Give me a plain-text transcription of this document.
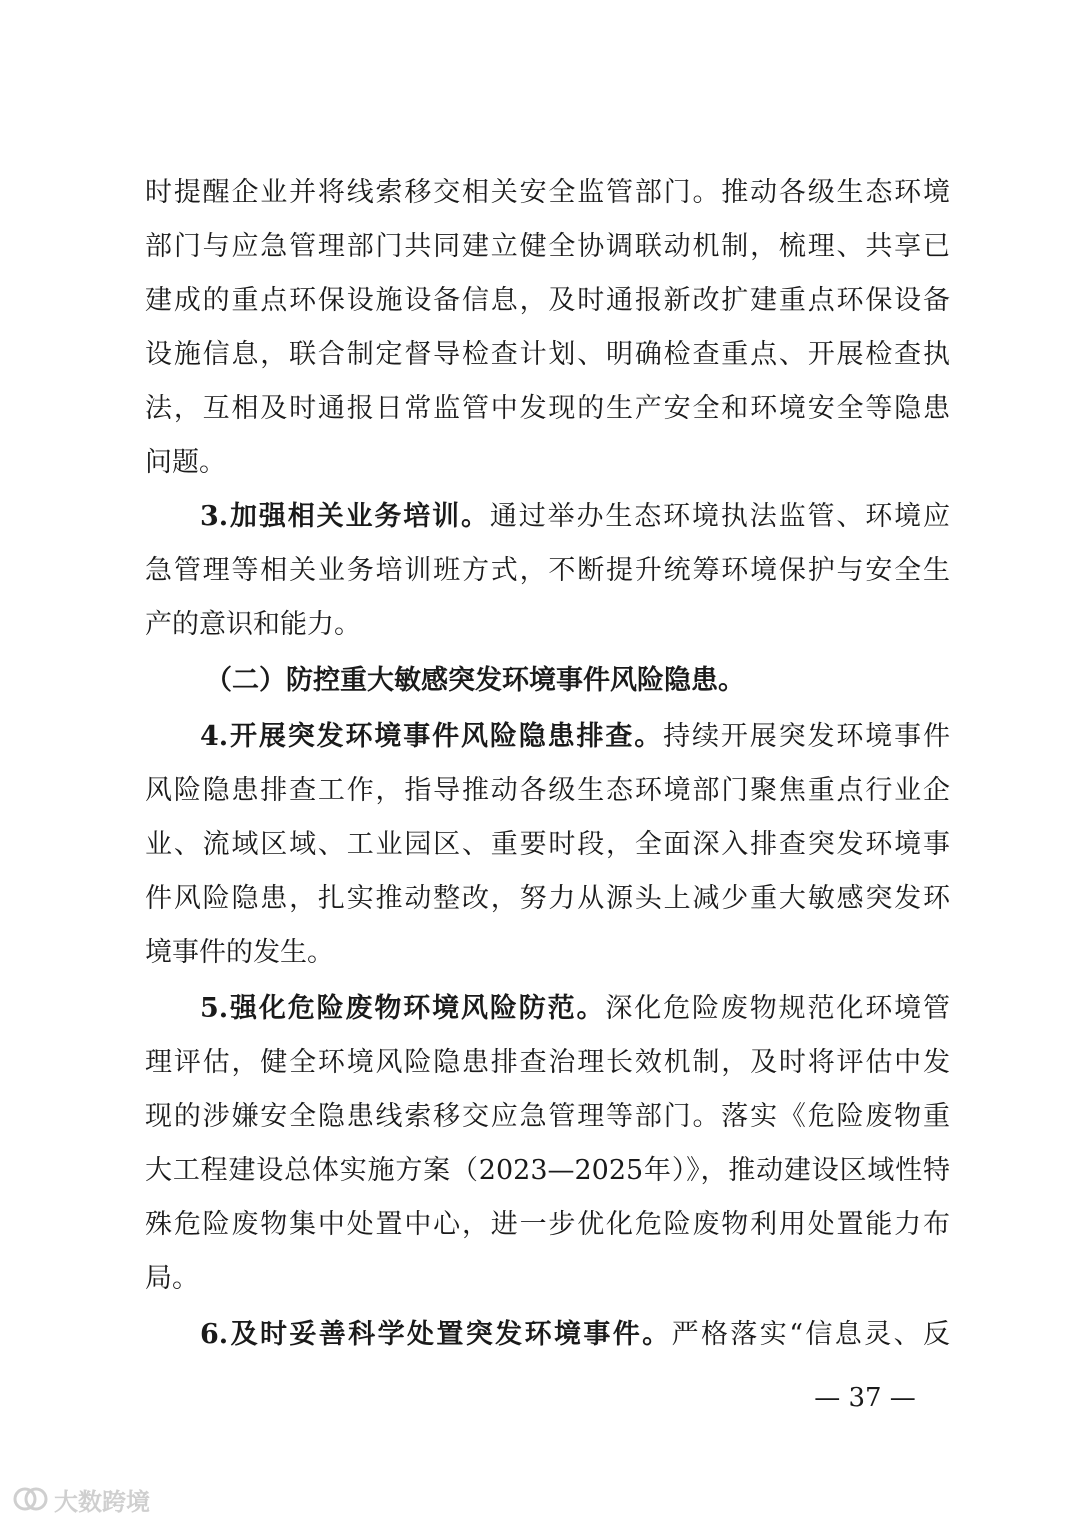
时提醒企业并将线索移交相关安全监管部门。推动各级生态环境
部门与应急管理部门共同建立健全协调联动机制，梳理、共享已
建成的重点环保设施设备信息，及时通报新改扩建重点环保设备
设施信息，联合制定督导检查计划、明确检查重点、开展检查执
法，互相及时通报日常监管中发现的生产安全和环境安全等隐患
问题。
3.加强相关业务培训。通过举办生态环境执法监管、环境应
急管理等相关业务培训班方式，不断提升统筹环境保护与安全生
产的意识和能力。
（二）防控重大敏感突发环境事件风险隐患。
4.开展突发环境事件风险隐患排查。持续开展突发环境事件
风险隐患排查工作，指导推动各级生态环境部门聚焦重点行业企
业、流域区域、工业园区、重要时段，全面深入排查突发环境事
件风险隐患，扎实推动整改，努力从源头上减少重大敏感突发环
境事件的发生。
5.强化危险废物环境风险防范。深化危险废物规范化环境管
理评估，健全环境风险隐患排查治理长效机制，及时将评估中发
现的涉嫌安全隐患线索移交应急管理等部门。落实《危险废物重
大工程建设总体实施方案（2023—2025年）》，推动建设区域性特
殊危险废物集中处置中心，进一步优化危险废物利用处置能力布
局。
6.及时妥善科学处置突发环境事件。严格落实“信息灵、反
— 37 —
大数跨境
